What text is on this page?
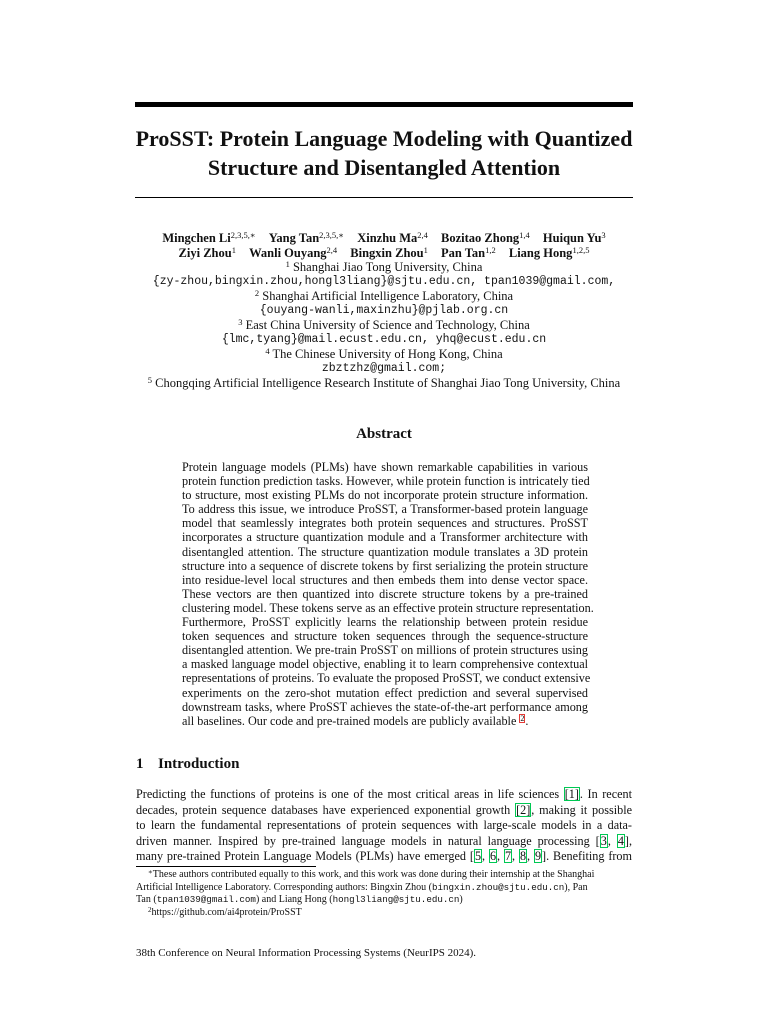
ProSST: Protein Language Modeling with Quantized
Structure and Disentangled Attention
Mingchen $Li^{2,3,5,∗}$ Yang Tan$^{2,3,5,∗}$ Xinzhu Ma$^{2,4}$ Bozitao Zhong$^{1,4}$ Huiqun Yu$^3$
Ziyi Zhou$^1$ Wanli Ouyang$^{2,4}$ Bingxin Zhou$^1$ Pan Tan$^{1,2}$ Liang Hong$^{1,2,5}$
$^1$ Shanghai Jiao Tong University, China
{zy-zhou,bingxin.zhou,hongl3liang}@sjtu.edu.cn, tpan1039@gmail.com,
$^2$ Shanghai Artificial Intelligence Laboratory, China
{ouyang-wanli,maxinzhu}@pjlab.org.cn
$^3$ East China University of Science and Technology, China
{lmc,tyang}@mail.ecust.edu.cn, yhq@ecust.edu.cn
$^4$ The Chinese University of Hong Kong, China
zbztzhz@gmail.com;
$^5$ Chongqing Artificial Intelligence Research Institute of Shanghai Jiao Tong University, China
Abstract
Protein language models (PLMs) have shown remarkable capabilities in various
protein function prediction tasks. However, while protein function is intricately tied
to structure, most existing PLMs do not incorporate protein structure information.
To address this issue, we introduce ProSST, a Transformer-based protein language
model that seamlessly integrates both protein sequences and structures. ProSST
incorporates a structure quantization module and a Transformer architecture with
disentangled attention. The structure quantization module translates a 3D protein
structure into a sequence of discrete tokens by first serializing the protein structure
into residue-level local structures and then embeds them into dense vector space.
These vectors are then quantized into discrete structure tokens by a pre-trained
clustering model. These tokens serve as an effective protein structure representation.
Furthermore, ProSST explicitly learns the relationship between protein residue
token sequences and structure token sequences through the sequence-structure
disentangled attention. We pre-train ProSST on millions of protein structures using
a masked language model objective, enabling it to learn comprehensive contextual
representations of proteins. To evaluate the proposed ProSST, we conduct extensive
experiments on the zero-shot mutation effect prediction and several supervised
downstream tasks, where ProSST achieves the state-of-the-art performance among
all baselines. Our code and pre-trained models are publicly available $^2$.
1 Introduction
Predicting the functions of proteins is one of the most critical areas in life sciences [1]. In recent
decades, protein sequence databases have experienced exponential growth [2], making it possible
to learn the fundamental representations of protein sequences with large-scale models in a data-
driven manner. Inspired by pre-trained language models in natural language processing [3, 4],
many pre-trained Protein Language Models (PLMs) have emerged [5, 6, 7, 8, 9]. Benefiting from
∗These authors contributed equally to this work, and this work was done during their internship at the Shanghai
Artificial Intelligence Laboratory. Corresponding authors: Bingxin Zhou (bingxin.zhou@sjtu.edu.cn), Pan
Tan (tpan1039@gmail.com) and Liang Hong (hongl3liang@sjtu.edu.cn)
$^2$https://github.com/ai4protein/ProSST
38th Conference on Neural Information Processing Systems (NeurIPS 2024).
